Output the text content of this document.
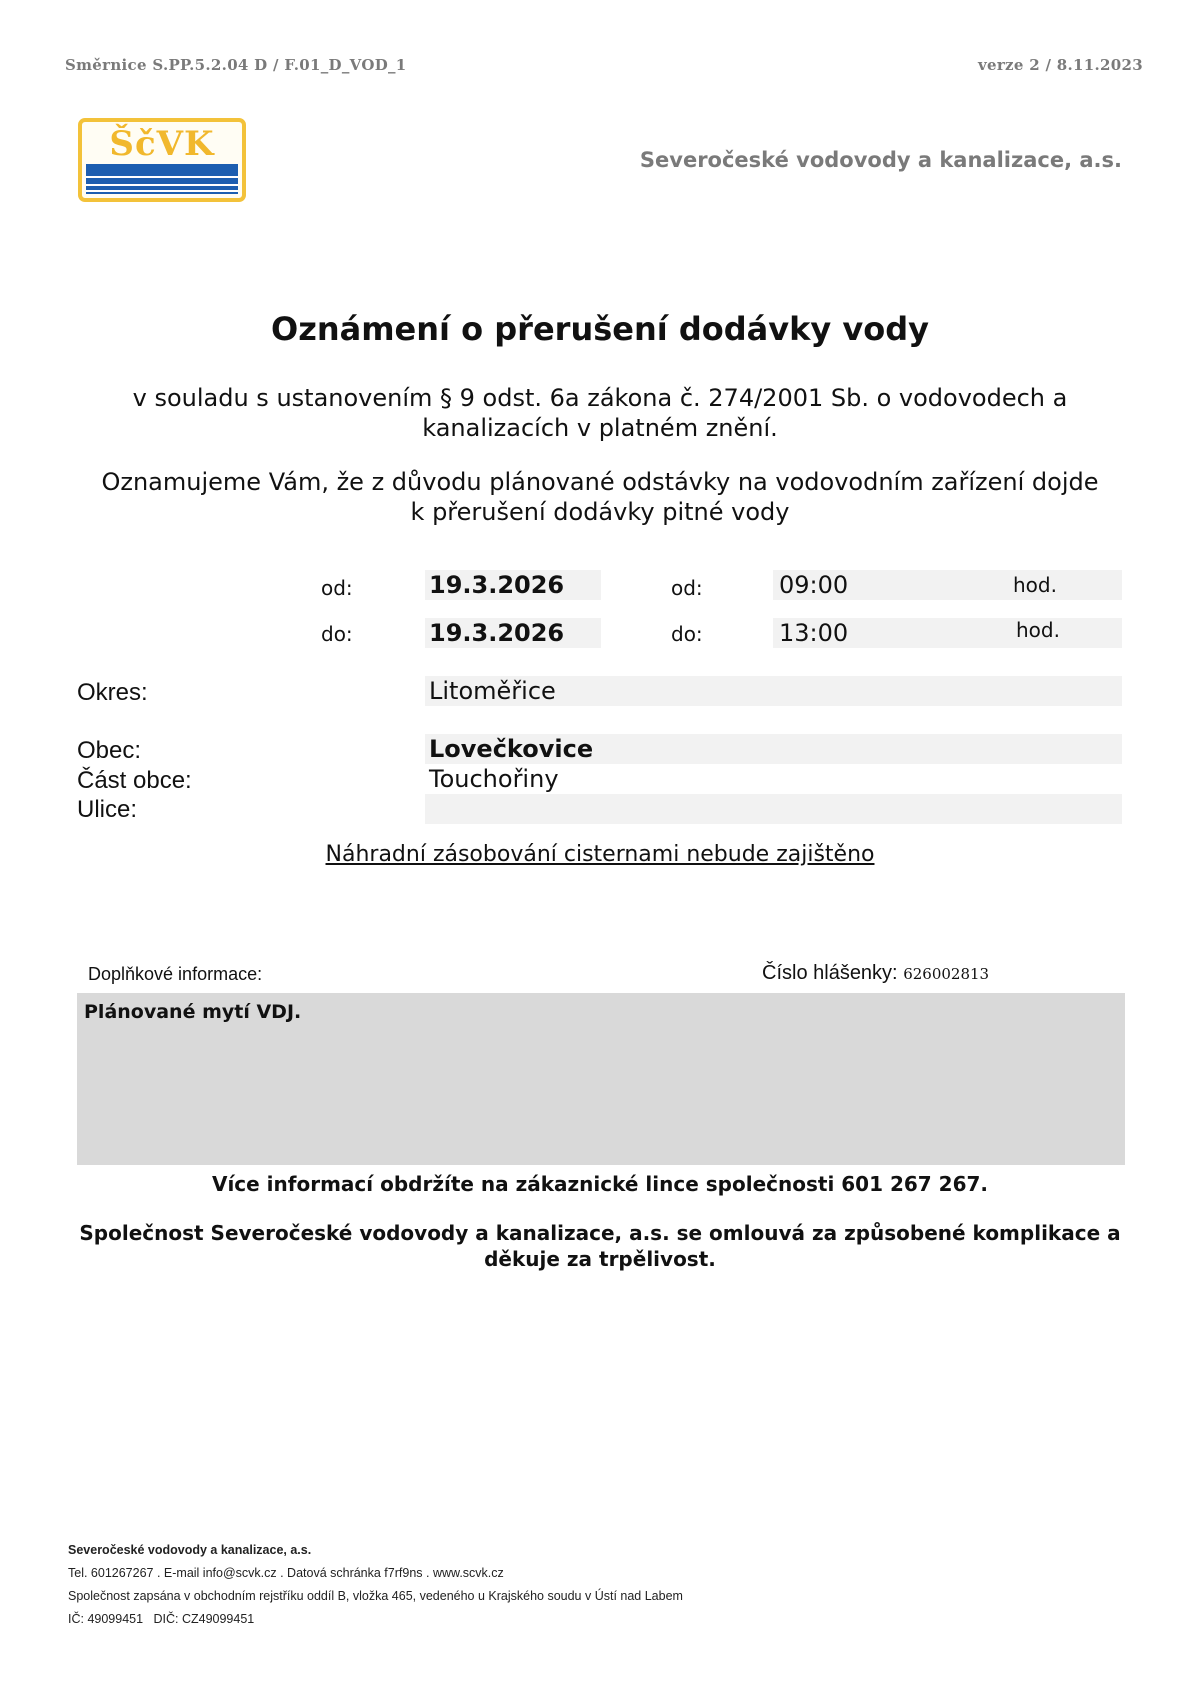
Směrnice S.PP.5.2.04 D / F.01_D_VOD_1	verze 2 / 8.11.2023
ŠčVK	Severočeské vodovody a kanalizace, a.s.
Oznámení o přerušení dodávky vody
v souladu s ustanovením § 9 odst. 6a zákona č. 274/2001 Sb. o vodovodech a kanalizacích v platném znění.
Oznamujeme Vám, že z důvodu plánované odstávky na vodovodním zařízení dojde k přerušení dodávky pitné vody
od:	19.3.2026	od:	09:00	hod.
do:	19.3.2026	do:	13:00	hod.
Okres:	Litoměřice
Obec:	Lovečkovice
Část obce:	Touchořiny
Ulice:
Náhradní zásobování cisternami nebude zajištěno
Doplňkové informace:	Číslo hlášenky: 626002813
Plánované mytí VDJ.
Více informací obdržíte na zákaznické lince společnosti 601 267 267.
Společnost Severočeské vodovody a kanalizace, a.s. se omlouvá za způsobené komplikace a děkuje za trpělivost.
Severočeské vodovody a kanalizace, a.s.
Tel. 601267267 . E-mail info@scvk.cz . Datová schránka f7rf9ns . www.scvk.cz
Společnost zapsána v obchodním rejstříku oddíl B, vložka 465, vedeného u Krajského soudu v Ústí nad Labem
IČ: 49099451   DIČ: CZ49099451
